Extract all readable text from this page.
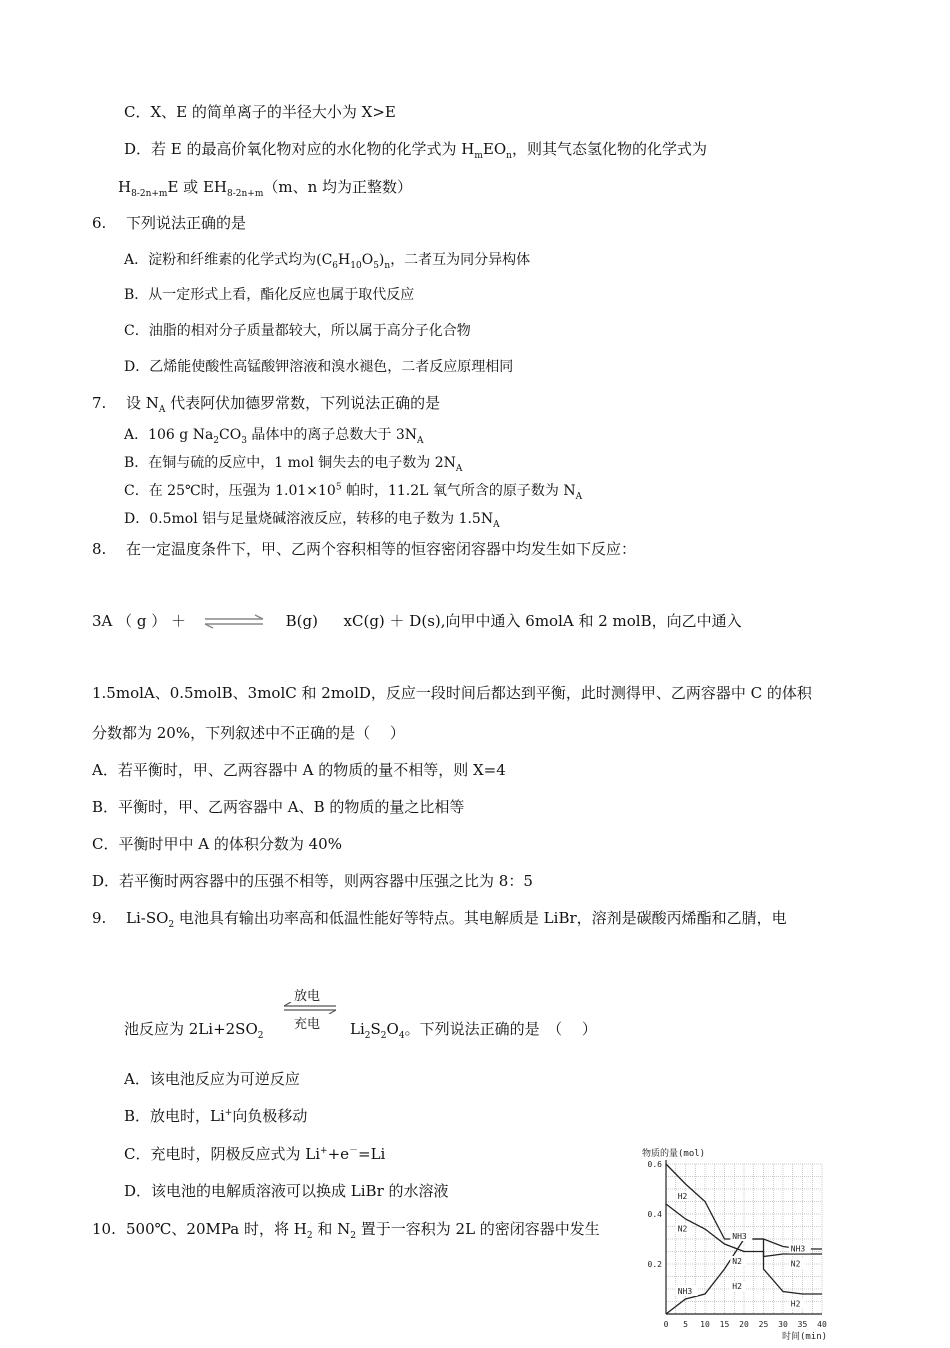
C．X、E 的简单离子的半径大小为 X>E
D．若 E 的最高价氧化物对应的水化物的化学式为 $H_mEO_n$，则其气态氢化物的化学式为
$H_{8-2n+m}E$ 或 $EH_{8-2n+m}(m$、n 均为正整数）
6. 下列说法正确的是
A．淀粉和纤维素的化学式均为$(C_6H_{10}O_5)_n$，二者互为同分异构体
B．从一定形式上看，酯化反应也属于取代反应
C．油脂的相对分子质量都较大，所以属于高分子化合物
D．乙烯能使酸性高锰酸钾溶液和溴水褪色，二者反应原理相同
7. 设 $N_A$ 代表阿伏加德罗常数，下列说法正确的是
A．106 g $Na_2CO_3$ 晶体中的离子总数大于 $3N_A$
B．在铜与硫的反应中，1 mol 铜失去的电子数为 $2N_A$
C．在 25℃时，压强为 $1.01\times 10^5$ 帕时，11.2L 氧气所含的原子数为 $N_A$
D．0.5mol 铝与足量烧碱溶液反应，转移的电子数为 $1.5N_A$
8. 在一定温度条件下，甲、乙两个容积相等的恒容密闭容器中均发生如下反应：
3A （ g ） ＋	B(g) xC(g) ＋ D(s),向甲中通入 6molA 和 2 molB，向乙中通入
1.5molA、0.5molB、3molC 和 2molD，反应一段时间后都达到平衡，此时测得甲、乙两容器中 C 的体积
分数都为 20%，下列叙述中不正确的是（　 ）
A．若平衡时，甲、乙两容器中 A 的物质的量不相等，则 X=4
B．平衡时，甲、乙两容器中 A、B 的物质的量之比相等
C．平衡时甲中 A 的体积分数为 40%
D．若平衡时两容器中的压强不相等，则两容器中压强之比为 8：5
9. $Li-SO_2$ 电池具有输出功率高和低温性能好等特点。其电解质是 LiBr，溶剂是碳酸丙烯酯和乙腈，电
放电
充电
池反应为 $2Li+2SO_2$	$Li_2S_2O_4$。下列说法正确的是　（　 ）
A．该电池反应为可逆反应
B．放电时，Li+向负极移动
C．充电时，阴极反应式为 Li++e－=Li
D．该电池的电解质溶液可以换成 LiBr 的水溶液
10. 500℃、20MPa 时，将 $H_2$ 和 $N_2$ 置于一容积为 2L 的密闭容器中发生
物质的量(mol)
0.6
0.4
0.2
0 5 10 15 20 25 30 35 40
时间(min)
H2
N2
NH3
NH3
N2
H2
NH3
N2
H2
